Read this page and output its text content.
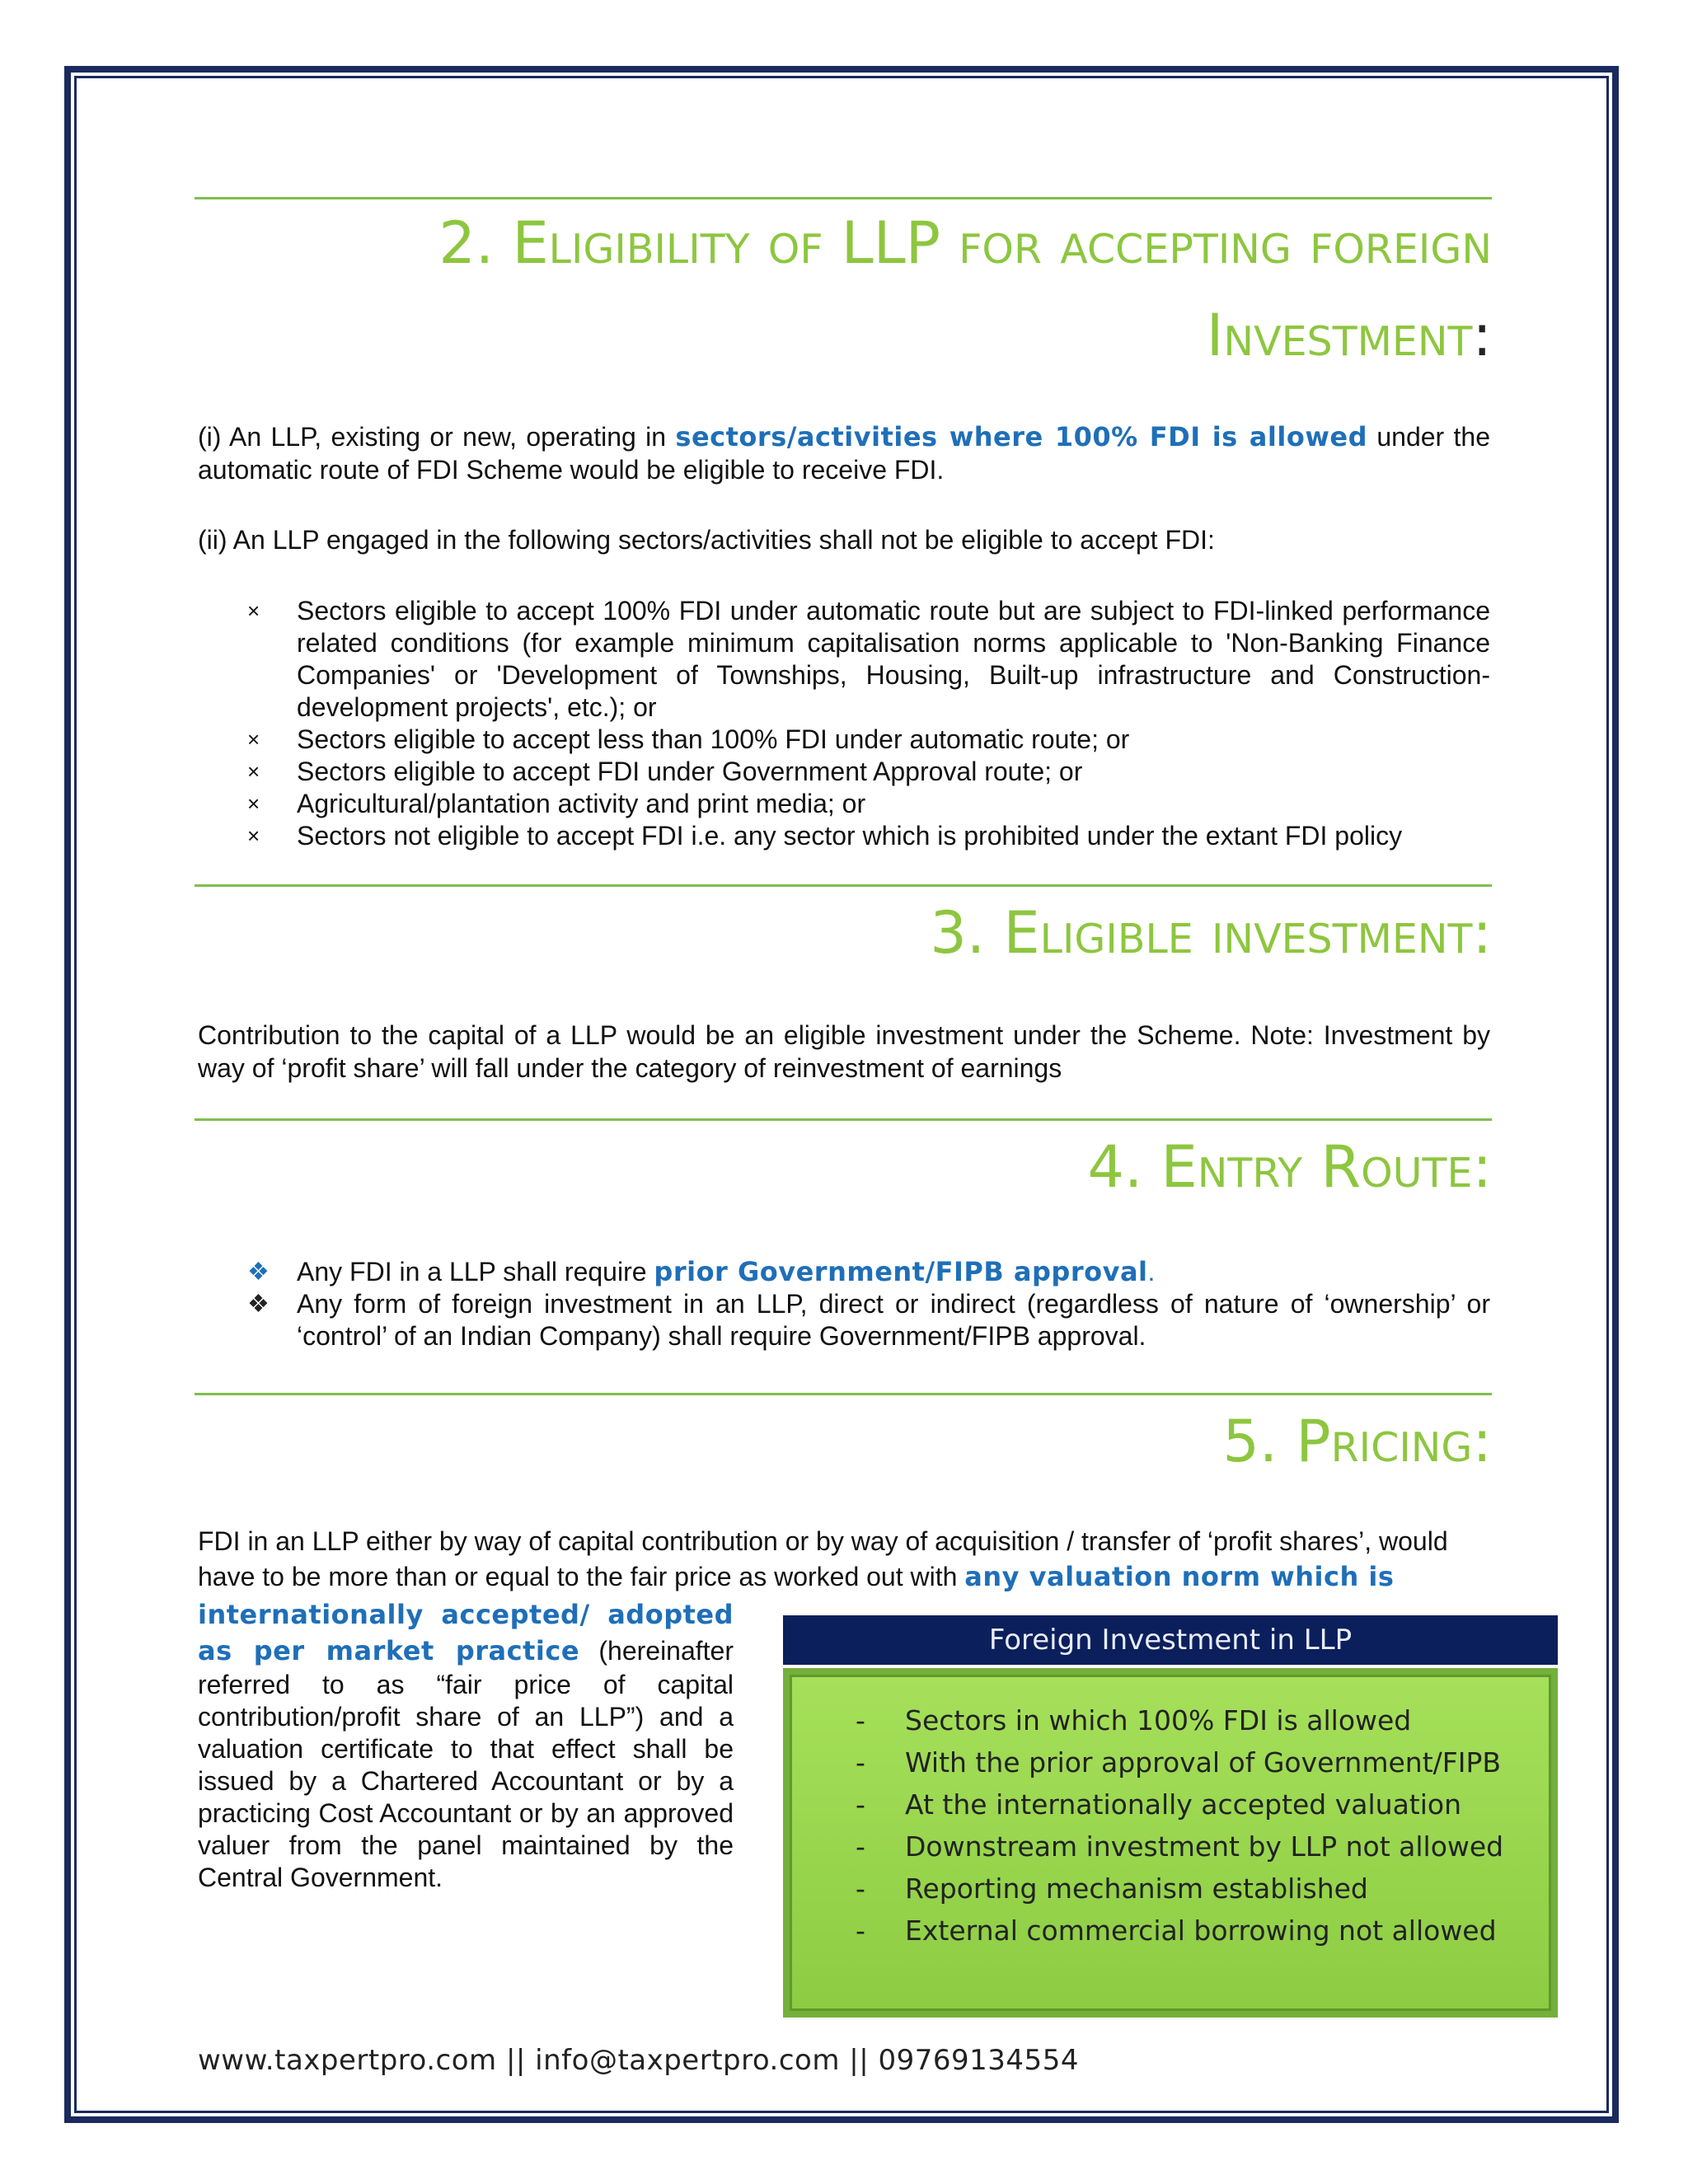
2. Eligibility of LLP for accepting foreign
Investment:

(i) An LLP, existing or new, operating in sectors/activities where 100% FDI is allowed under the automatic route of FDI Scheme would be eligible to receive FDI.

(ii) An LLP engaged in the following sectors/activities shall not be eligible to accept FDI:

× Sectors eligible to accept 100% FDI under automatic route but are subject to FDI-linked performance related conditions (for example minimum capitalisation norms applicable to 'Non-Banking Finance Companies' or 'Development of Townships, Housing, Built-up infrastructure and Construction-development projects', etc.); or
× Sectors eligible to accept less than 100% FDI under automatic route; or
× Sectors eligible to accept FDI under Government Approval route; or
× Agricultural/plantation activity and print media; or
× Sectors not eligible to accept FDI i.e. any sector which is prohibited under the extant FDI policy
3. Eligible investment:

Contribution to the capital of a LLP would be an eligible investment under the Scheme. Note: Investment by way of ‘profit share’ will fall under the category of reinvestment of earnings

4. Entry Route:
❖ Any FDI in a LLP shall require prior Government/FIPB approval.
❖ Any form of foreign investment in an LLP, direct or indirect (regardless of nature of ‘ownership’ or ‘control’ of an Indian Company) shall require Government/FIPB approval.
5. Pricing:

FDI in an LLP either by way of capital contribution or by way of acquisition / transfer of ‘profit shares’, would

have to be more than or equal to the fair price as worked out with any valuation norm which is

internationally accepted/ adopted as per market practice (hereinafter referred to as “fair price of capital contribution/profit share of an LLP”) and a valuation certificate to that effect shall be issued by a Chartered Accountant or by a practicing Cost Accountant or by an approved valuer from the panel maintained by the Central Government.

Foreign Investment in LLP
- Sectors in which 100% FDI is allowed
- With the prior approval of Government/FIPB
- At the internationally accepted valuation
- Downstream investment by LLP not allowed
- Reporting mechanism established
- External commercial borrowing not allowed
www.taxpertpro.com || info@taxpertpro.com || 09769134554
